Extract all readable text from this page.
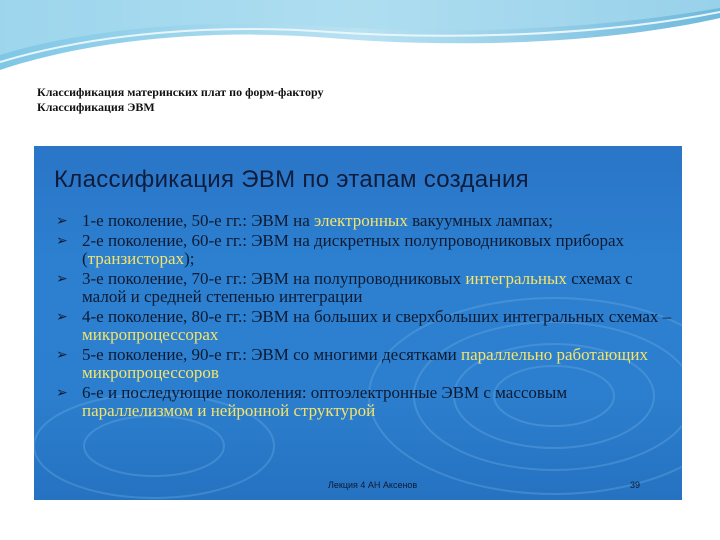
Классификация материнских плат по форм-фактору
Классификация ЭВМ
Классификация ЭВМ по этапам создания
➢ 1-е поколение, 50-е гг.: ЭВМ на электронных вакуумных лампах;
➢ 2-е поколение, 60-е гг.: ЭВМ на дискретных полупроводниковых приборах (транзисторах);
➢ 3-е поколение, 70-е гг.: ЭВМ на полупроводниковых интегральных схемах с малой и средней степенью интеграции
➢ 4-е поколение, 80-е гг.: ЭВМ на больших и сверхбольших интегральных схемах – микропроцессорах
➢ 5-е поколение, 90-е гг.: ЭВМ со многими десятками параллельно работающих микропроцессоров
➢ 6-е и последующие поколения: оптоэлектронные ЭВМ с массовым параллелизмом и нейронной структурой
Лекция 4 АН Аксенов	39
